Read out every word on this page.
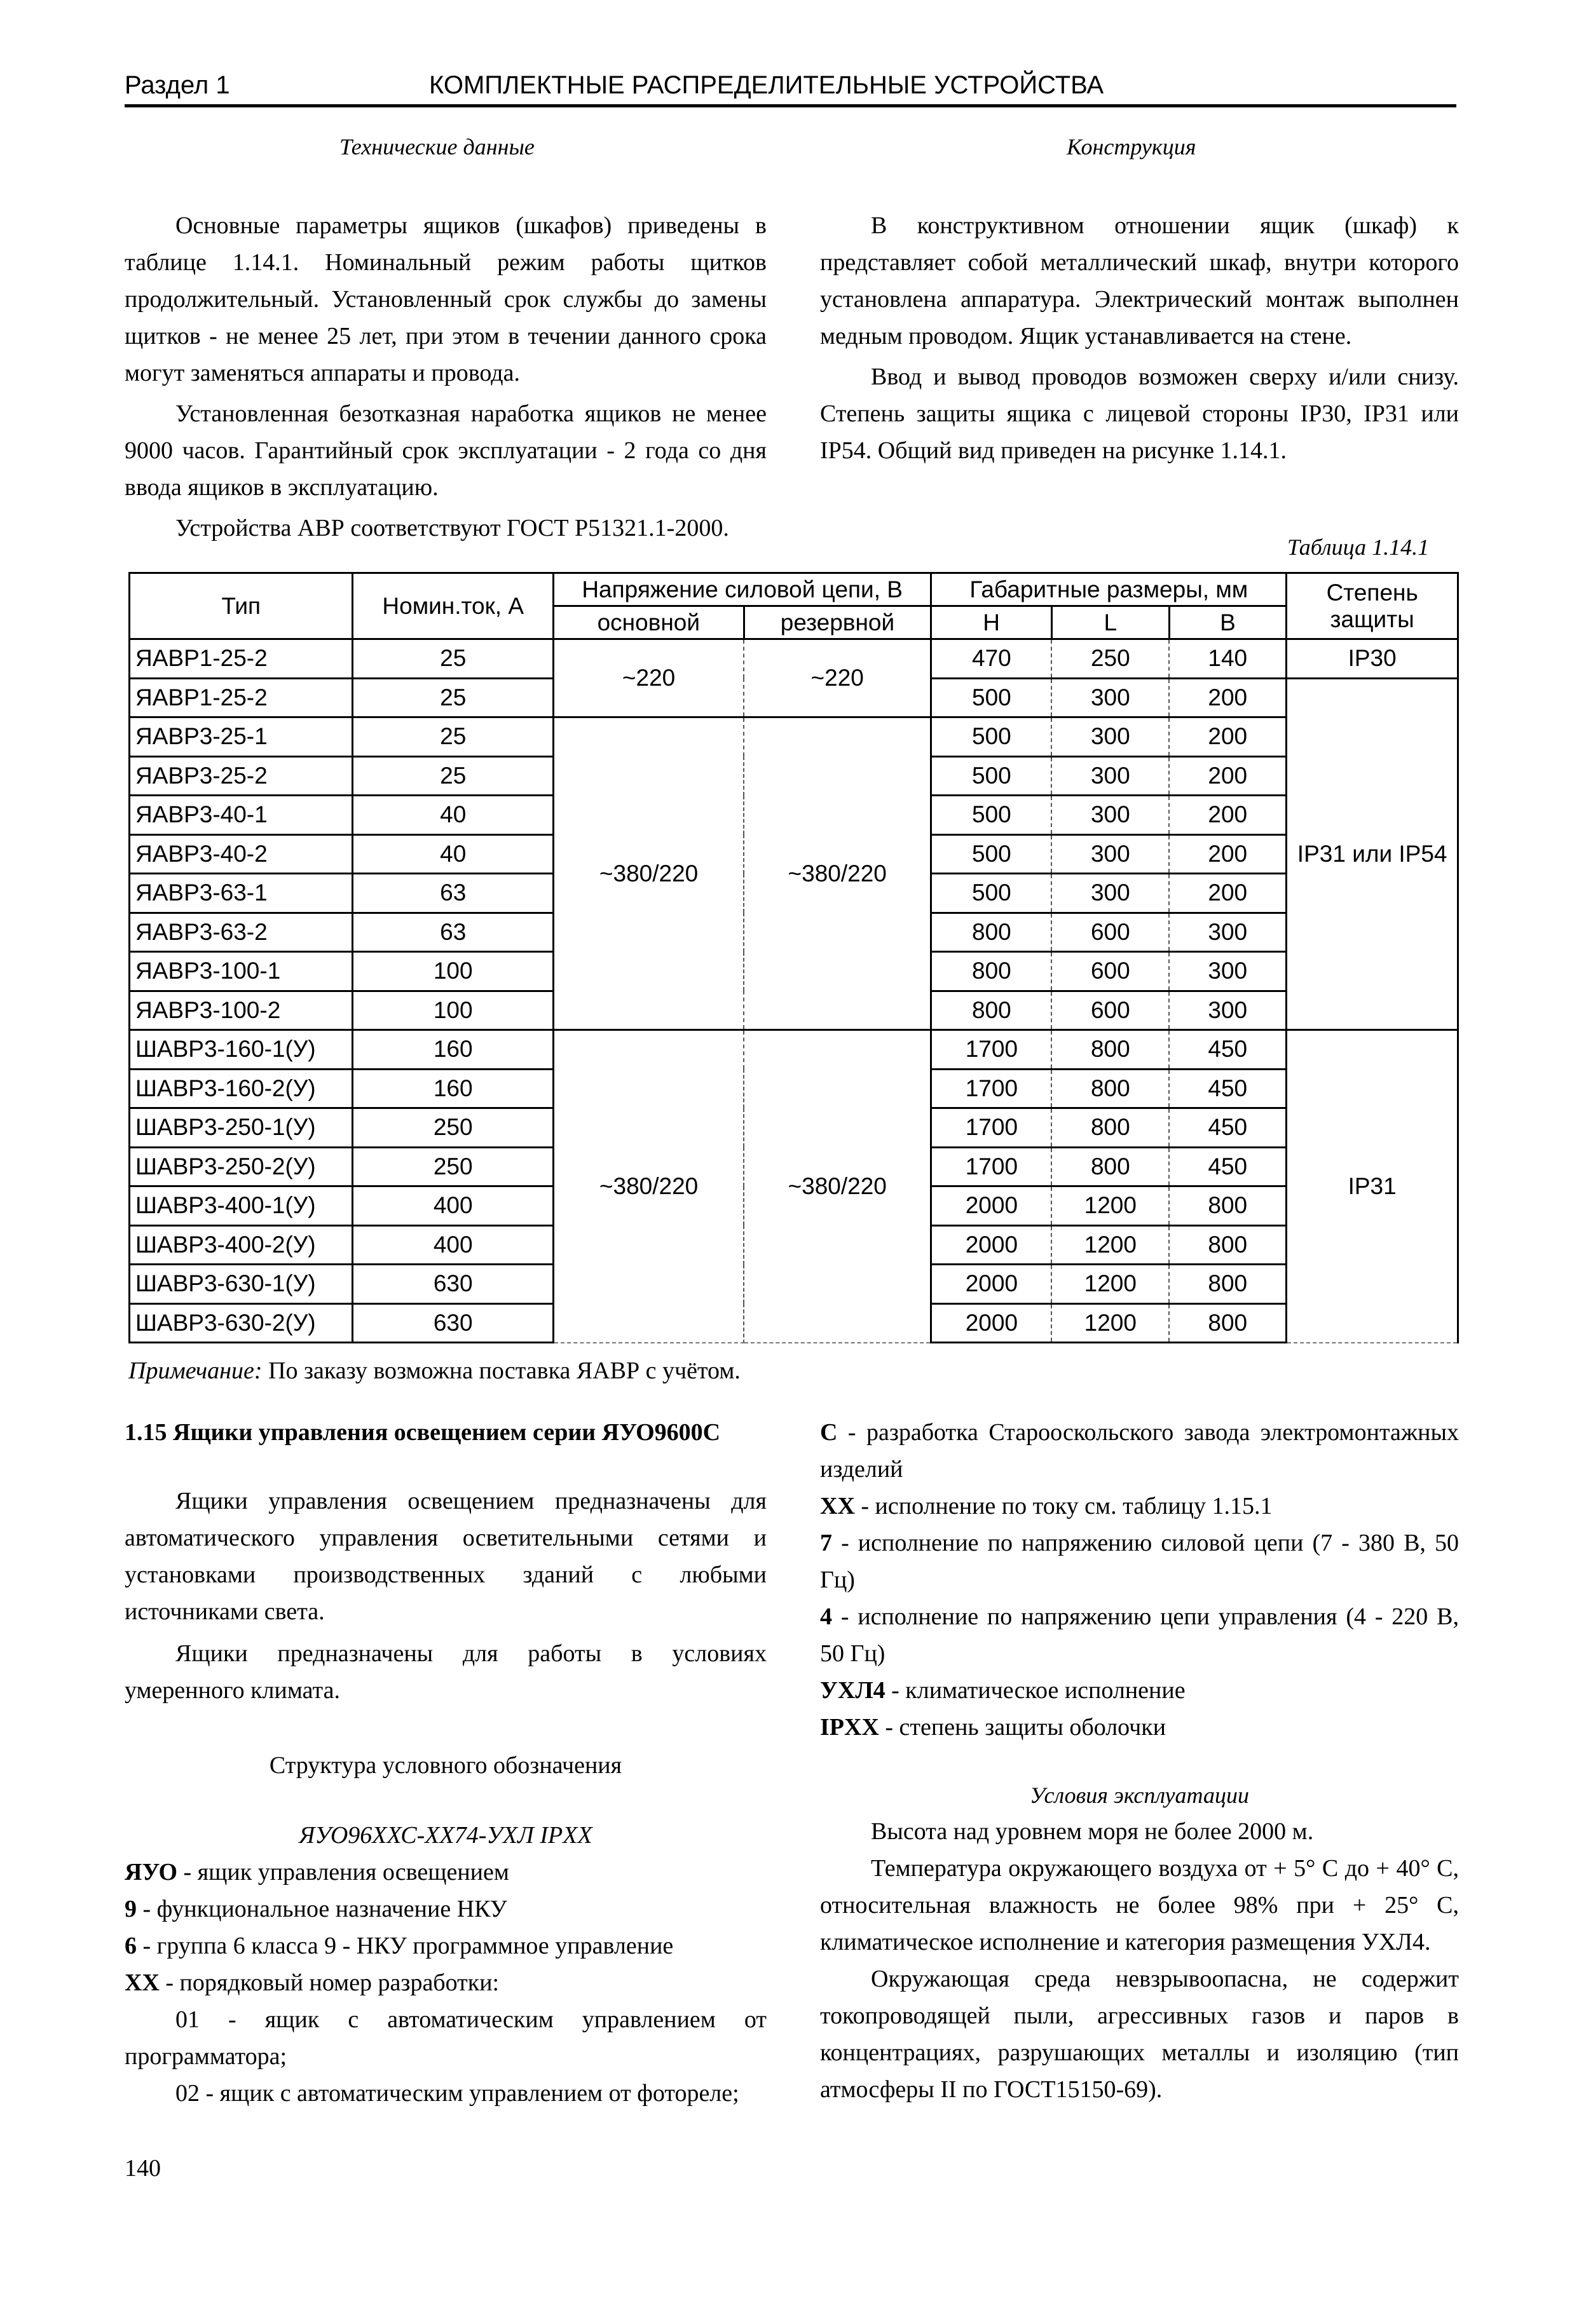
Раздел 1	КОМПЛЕКТНЫЕ РАСПРЕДЕЛИТЕЛЬНЫЕ УСТРОЙСТВА
Технические данные	Конструкция

Основные параметры ящиков (шкафов) приведены в таблице 1.14.1. Номинальный режим работы щитков продолжительный. Установленный срок службы до замены щитков - не менее 25 лет, при этом в течении данного срока могут заменяться аппараты и провода.

Установленная безотказная наработка ящиков не менее 9000 часов. Гарантийный срок эксплуатации - 2 года со дня ввода ящиков в эксплуатацию.

Устройства АВР соответствуют ГОСТ Р51321.1-2000.

В конструктивном отношении ящик (шкаф) к представляет собой металлический шкаф, внутри которого установлена аппаратура. Электрический монтаж выполнен медным проводом. Ящик устанавливается на стене.

Ввод и вывод проводов возможен сверху и/или снизу. Степень защиты ящика с лицевой стороны IP30, IP31 или IP54. Общий вид приведен на рисунке 1.14.1.

Таблица 1.14.1
Тип	Номин.ток, А	Напряжение силовой цепи, В		Габаритные размеры, мм			Степень защиты
		основной	резервной	H	L	B	
ЯАВР1-25-2	25	~220	~220	470	250	140	IP30
ЯАВР1-25-2	25			500	300	200	IP31 или IP54
ЯАВР3-25-1	25	~380/220	~380/220	500	300	200	
ЯАВР3-25-2	25			500	300	200	
ЯАВР3-40-1	40			500	300	200	
ЯАВР3-40-2	40			500	300	200	
ЯАВР3-63-1	63			500	300	200	
ЯАВР3-63-2	63			800	600	300	
ЯАВР3-100-1	100			800	600	300	
ЯАВР3-100-2	100			800	600	300	
ШАВР3-160-1(У)	160	~380/220	~380/220	1700	800	450	IP31
ШАВР3-160-2(У)	160			1700	800	450	
ШАВР3-250-1(У)	250			1700	800	450	
ШАВР3-250-2(У)	250			1700	800	450	
ШАВР3-400-1(У)	400			2000	1200	800	
ШАВР3-400-2(У)	400			2000	1200	800	
ШАВР3-630-1(У)	630			2000	1200	800	
ШАВР3-630-2(У)	630			2000	1200	800	
Примечание: По заказу возможна поставка ЯАВР с учётом.
1.15 Ящики управления освещением серии ЯУО9600С

Ящики управления освещением предназначены для автоматического управления осветительными сетями и установками производственных зданий с любыми источниками света.

Ящики предназначены для работы в условиях умеренного климата.

Структура условного обозначения
ЯУО96ХХС-ХХ74-УХЛ IPXX
ЯУО - ящик управления освещением
9 - функциональное назначение НКУ
6 - группа 6 класса 9 - НКУ программное управление
ХХ - порядковый номер разработки:

01 - ящик с автоматическим управлением от программатора;

02 - ящик с автоматическим управлением от фотореле;

С - разработка Старооскольского завода электромонтажных изделий

ХХ - исполнение по току см. таблицу 1.15.1

7 - исполнение по напряжению силовой цепи (7 - 380 В, 50 Гц)

4 - исполнение по напряжению цепи управления (4 - 220 В, 50 Гц)

УХЛ4 - климатическое исполнение

IPXX - степень защиты оболочки

Условия эксплуатации

Высота над уровнем моря не более 2000 м.

Температура окружающего воздуха от + 5° С до + 40° С, относительная влажность не более 98% при + 25° С, климатическое исполнение и категория размещения УХЛ4.

Окружающая среда невзрывоопасна, не содержит токопроводящей пыли, агрессивных газов и паров в концентрациях, разрушающих металлы и изоляцию (тип атмосферы II по ГОСТ15150-69).

140
